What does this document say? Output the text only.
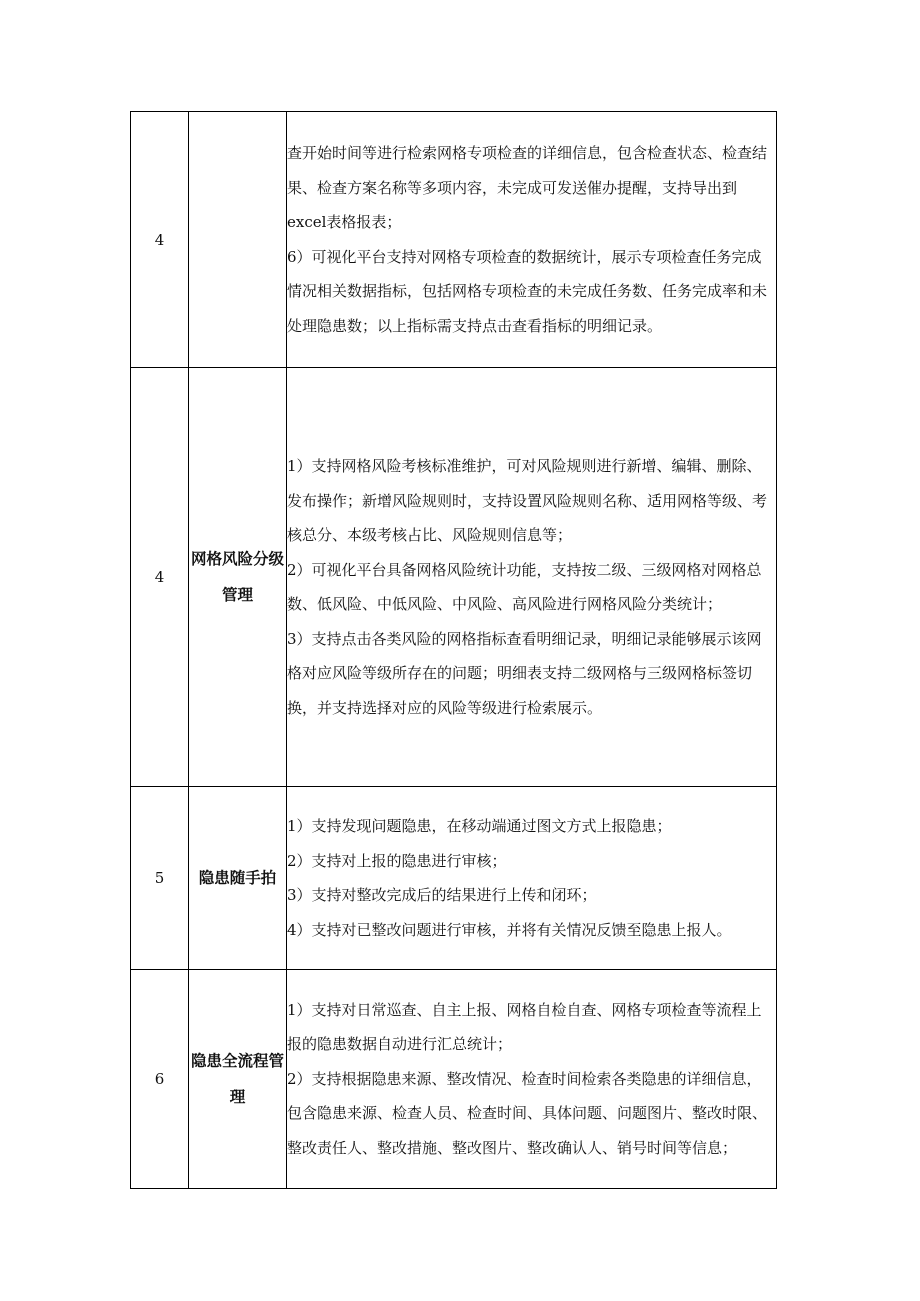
4		查开始时间等进行检索网格专项检查的详细信息，包含检查状态、检查结果、检查方案名称等多项内容，未完成可发送催办提醒，支持导出到excel表格报表；

6）可视化平台支持对网格专项检查的数据统计，展示专项检查任务完成情况相关数据指标，包括网格专项检查的未完成任务数、任务完成率和未处理隐患数；以上指标需支持点击查看指标的明细记录。

4	网格风险分级管理	1）支持网格风险考核标准维护，可对风险规则进行新增、编辑、删除、发布操作；新增风险规则时，支持设置风险规则名称、适用网格等级、考核总分、本级考核占比、风险规则信息等；

2）可视化平台具备网格风险统计功能，支持按二级、三级网格对网格总数、低风险、中低风险、中风险、高风险进行网格风险分类统计；

3）支持点击各类风险的网格指标查看明细记录，明细记录能够展示该网格对应风险等级所存在的问题；明细表支持二级网格与三级网格标签切换，并支持选择对应的风险等级进行检索展示。

5	隐患随手拍	1）支持发现问题隐患，在移动端通过图文方式上报隐患；

2）支持对上报的隐患进行审核；

3）支持对整改完成后的结果进行上传和闭环；

4）支持对已整改问题进行审核，并将有关情况反馈至隐患上报人。

6	隐患全流程管理	1）支持对日常巡查、自主上报、网格自检自查、网格专项检查等流程上报的隐患数据自动进行汇总统计；

2）支持根据隐患来源、整改情况、检查时间检索各类隐患的详细信息，包含隐患来源、检查人员、检查时间、具体问题、问题图片、整改时限、整改责任人、整改措施、整改图片、整改确认人、销号时间等信息；
